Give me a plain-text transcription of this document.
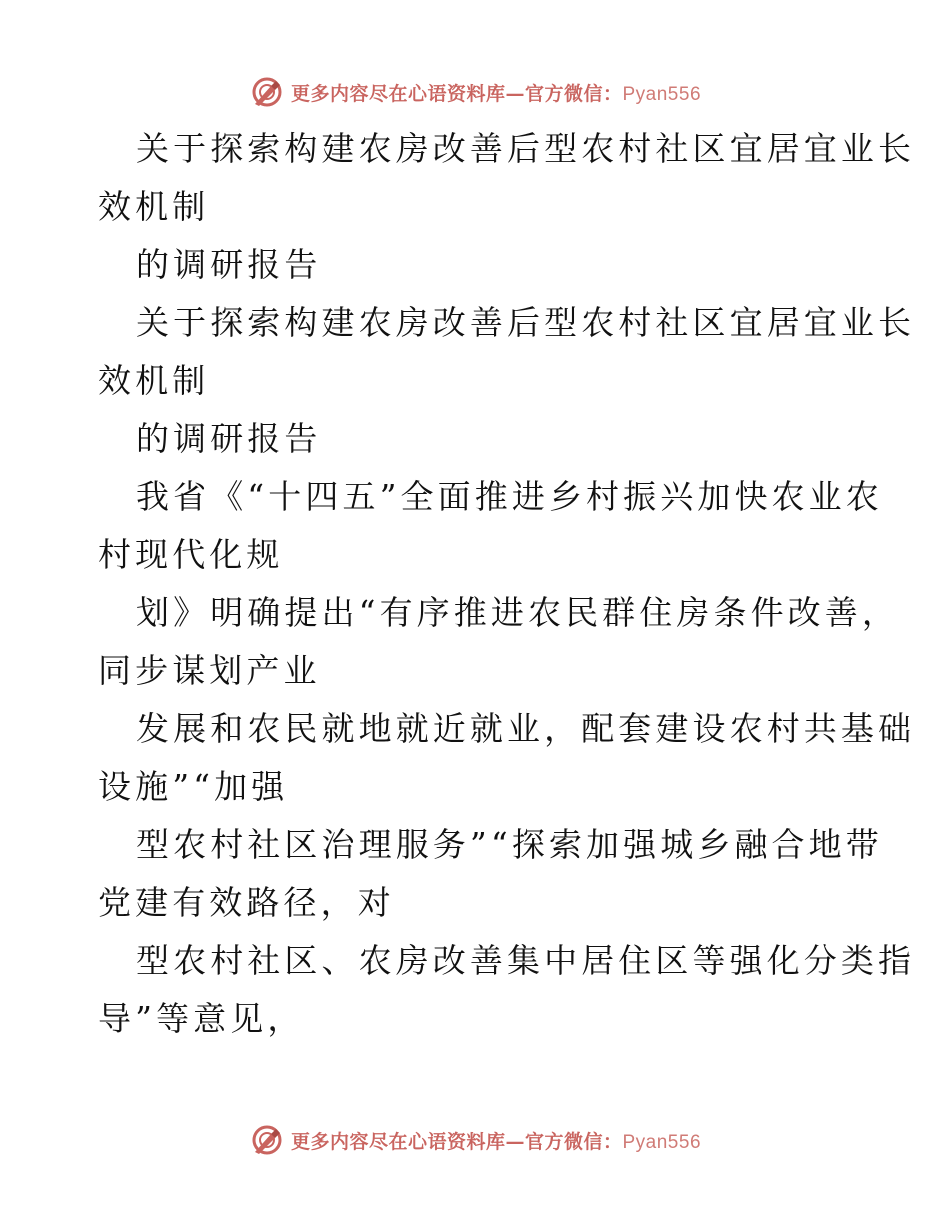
更多内容尽在心语资料库—官方微信：Pyan556
关于探索构建农房改善后型农村社区宜居宜业长
效机制
的调研报告
关于探索构建农房改善后型农村社区宜居宜业长
效机制
的调研报告
我省《“十四五”全面推进乡村振兴加快农业农
村现代化规
划》明确提出“有序推进农民群住房条件改善，
同步谋划产业
发展和农民就地就近就业，配套建设农村共基础
设施”“加强
型农村社区治理服务”“探索加强城乡融合地带
党建有效路径，对
型农村社区、农房改善集中居住区等强化分类指
导”等意见，
更多内容尽在心语资料库—官方微信：Pyan556
